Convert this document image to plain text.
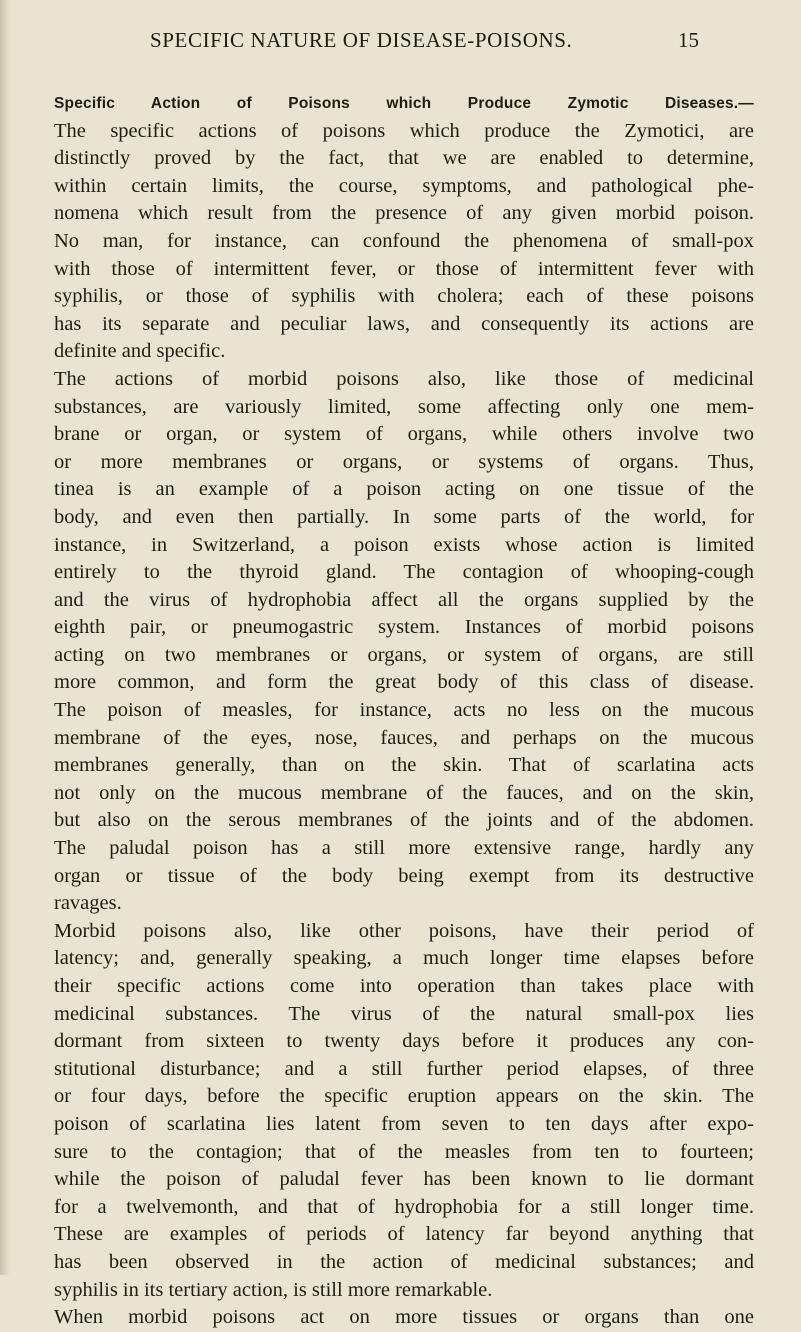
SPECIFIC NATURE OF DISEASE-POISONS.	15
Specific Action of Poisons which Produce Zymotic Diseases.—
The specific actions of poisons which produce the Zymotici, are
distinctly proved by the fact, that we are enabled to determine,
within certain limits, the course, symptoms, and pathological phe-
nomena which result from the presence of any given morbid poison.
No man, for instance, can confound the phenomena of small-pox
with those of intermittent fever, or those of intermittent fever with
syphilis, or those of syphilis with cholera; each of these poisons
has its separate and peculiar laws, and consequently its actions are
definite and specific.
The actions of morbid poisons also, like those of medicinal
substances, are variously limited, some affecting only one mem-
brane or organ, or system of organs, while others involve two
or more membranes or organs, or systems of organs. Thus,
tinea is an example of a poison acting on one tissue of the
body, and even then partially. In some parts of the world, for
instance, in Switzerland, a poison exists whose action is limited
entirely to the thyroid gland. The contagion of whooping-cough
and the virus of hydrophobia affect all the organs supplied by the
eighth pair, or pneumogastric system. Instances of morbid poisons
acting on two membranes or organs, or system of organs, are still
more common, and form the great body of this class of disease.
The poison of measles, for instance, acts no less on the mucous
membrane of the eyes, nose, fauces, and perhaps on the mucous
membranes generally, than on the skin. That of scarlatina acts
not only on the mucous membrane of the fauces, and on the skin,
but also on the serous membranes of the joints and of the abdomen.
The paludal poison has a still more extensive range, hardly any
organ or tissue of the body being exempt from its destructive
ravages.
Morbid poisons also, like other poisons, have their period of
latency; and, generally speaking, a much longer time elapses before
their specific actions come into operation than takes place with
medicinal substances. The virus of the natural small-pox lies
dormant from sixteen to twenty days before it produces any con-
stitutional disturbance; and a still further period elapses, of three
or four days, before the specific eruption appears on the skin. The
poison of scarlatina lies latent from seven to ten days after expo-
sure to the contagion; that of the measles from ten to fourteen;
while the poison of paludal fever has been known to lie dormant
for a twelvemonth, and that of hydrophobia for a still longer time.
These are examples of periods of latency far beyond anything that
has been observed in the action of medicinal substances; and
syphilis in its tertiary action, is still more remarkable.
When morbid poisons act on more tissues or organs than one
